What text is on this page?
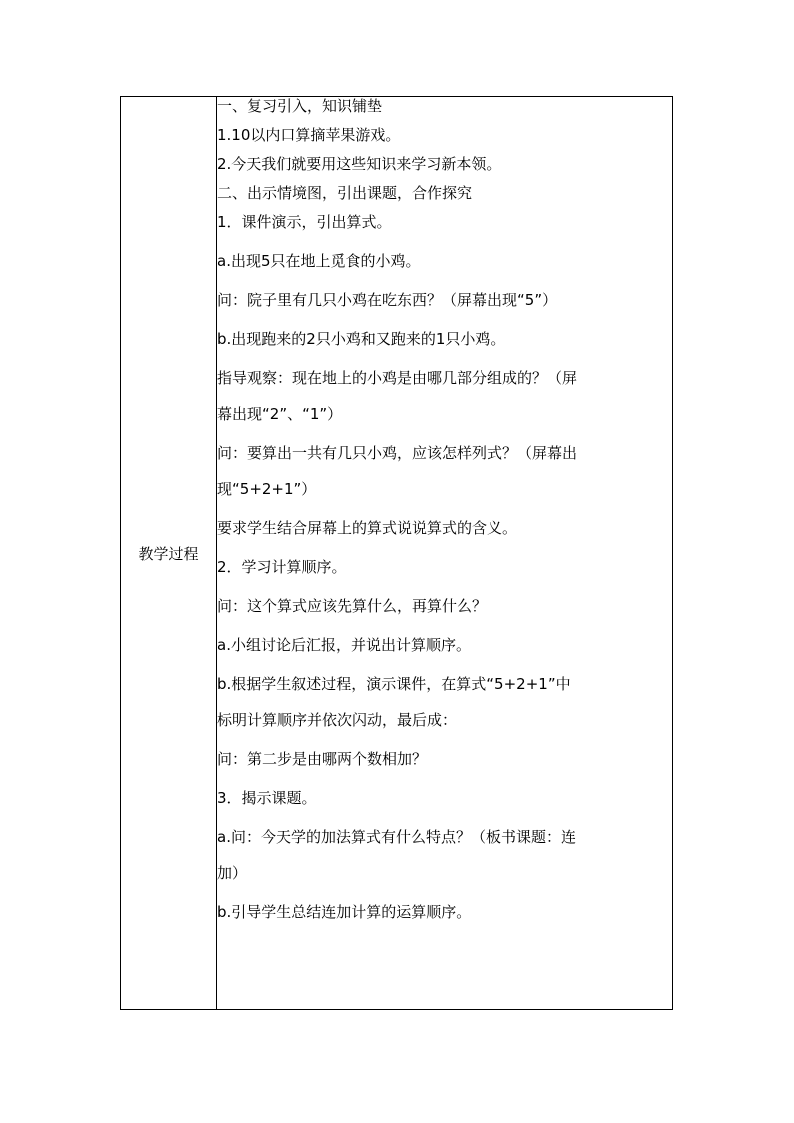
教学过程	
一、复习引入，知识铺垫
1.10以内口算摘苹果游戏。
2.今天我们就要用这些知识来学习新本领。
二、出示情境图，引出课题，合作探究
1．课件演示，引出算式。
a.出现5只在地上觅食的小鸡。
问：院子里有几只小鸡在吃东西？（屏幕出现“5”）
b.出现跑来的2只小鸡和又跑来的1只小鸡。
指导观察：现在地上的小鸡是由哪几部分组成的？（屏
幕出现“2”、“1”）
问：要算出一共有几只小鸡，应该怎样列式？（屏幕出
现“5+2+1”）
要求学生结合屏幕上的算式说说算式的含义。
2．学习计算顺序。
问：这个算式应该先算什么，再算什么？
a.小组讨论后汇报，并说出计算顺序。
b.根据学生叙述过程，演示课件，在算式“5+2+1”中
标明计算顺序并依次闪动，最后成：
问：第二步是由哪两个数相加？
3．揭示课题。
a.问：今天学的加法算式有什么特点？（板书课题：连
加）
b.引导学生总结连加计算的运算顺序。
